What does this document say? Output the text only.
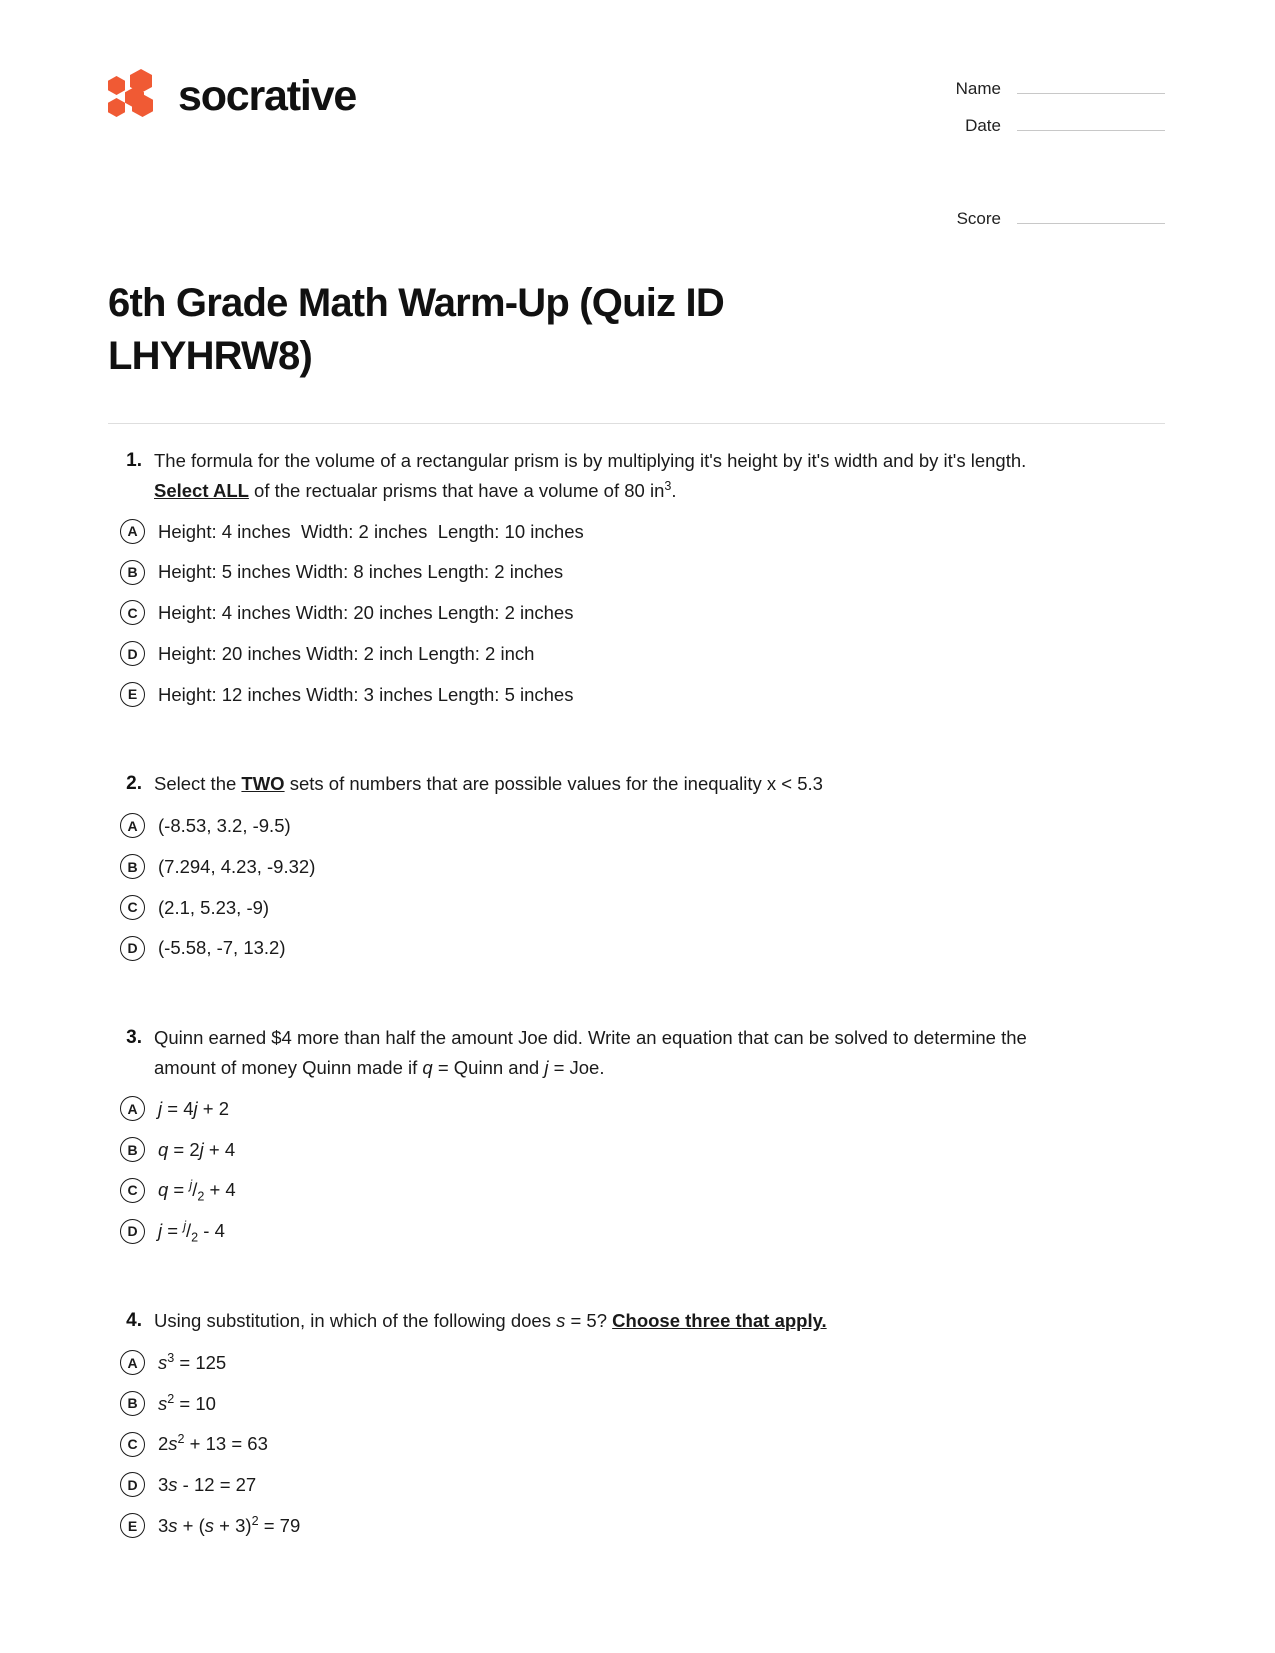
socrative	Name
Date
Score
6th Grade Math Warm-Up (Quiz ID LHYHRW8)
1. The formula for the volume of a rectangular prism is by multiplying it's height by it's width and by it's length. Select ALL of the rectualar prisms that have a volume of 80 $in^3$.
A	Height: 4 inches  Width: 2 inches  Length: 10 inches
B	Height: 5 inches Width: 8 inches Length: 2 inches
C	Height: 4 inches Width: 20 inches Length: 2 inches
D	Height: 20 inches Width: 2 inch Length: 2 inch
E	Height: 12 inches Width: 3 inches Length: 5 inches
2. Select the TWO sets of numbers that are possible values for the inequality x < 5.3
A	(-8.53, 3.2, -9.5)
B	(7.294, 4.23, -9.32)
C	(2.1, 5.23, -9)
D	(-5.58, -7, 13.2)
3. Quinn earned $4 more than half the amount Joe did. Write an equation that can be solved to determine the amount of money Quinn made if q = Quinn and j = Joe.
A	j = 4j + 2
B	q = 2j + 4
C	$q = ^j/_2 + 4$
D	$j = ^j/_2 - 4$
4. Using substitution, in which of the following does s = 5? Choose three that apply.
A	$s^3 = 125$
B	$s^2 = 10$
C	$2s^2 + 13 = 63$
D	3s - 12 = 27
E	$3s + (s + 3)^2 = 79$
